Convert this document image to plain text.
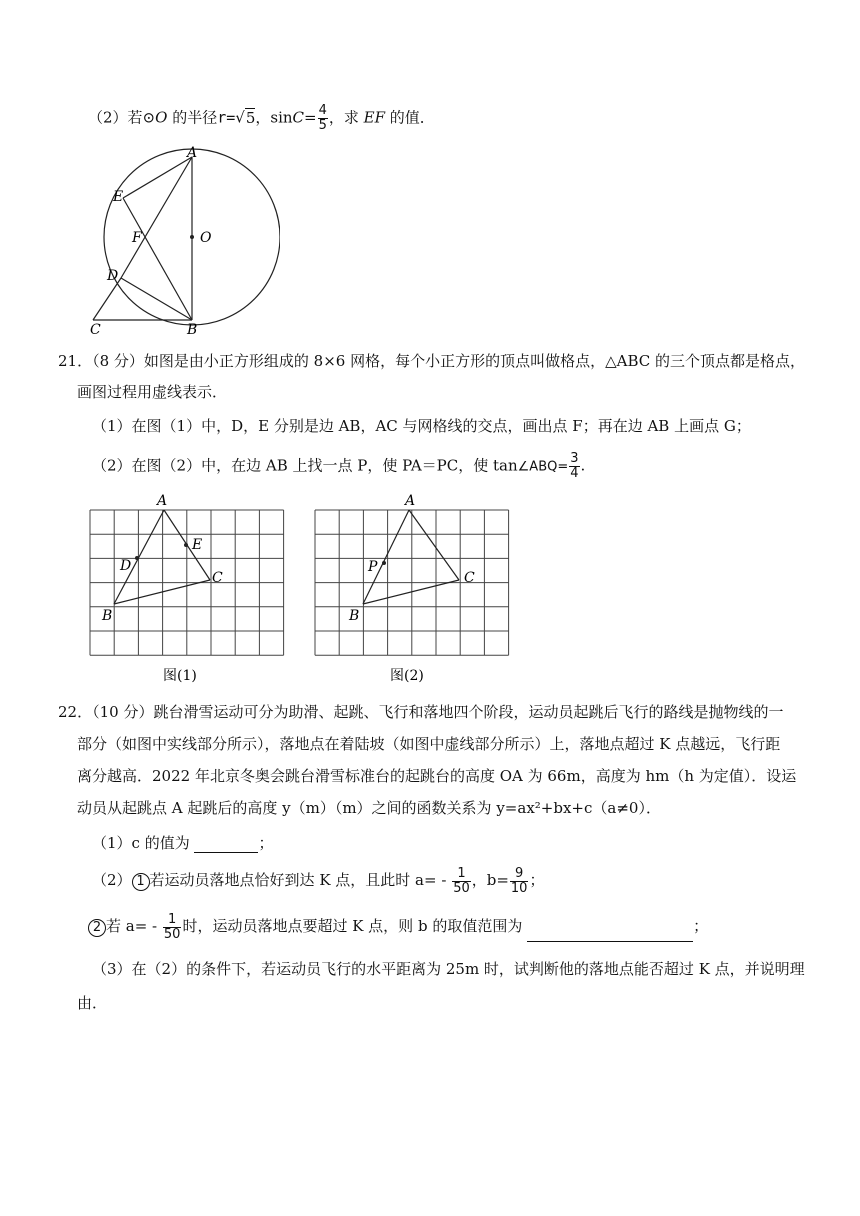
（2）若⊙O 的半径r=√5，$\sin C= \frac{4}{5}$ ，求 EF 的值．
A
E
F	O
D
C	B
21．（8 分）如图是由小正方形组成的 8×6 网格，每个小正方形的顶点叫做格点，△ABC 的三个顶点都是格点，
画图过程用虚线表示．
（1）在图（1）中，D，E 分别是边 AB，AC 与网格线的交点，画出点 F；再在边 AB 上画点 G；
（2）在图（2）中，在边 AB 上找一点 P，使 PA＝PC，使 tan∠ABQ= $\frac{3}{4}$ .
A
E
D
C
B
图(1)
A
P
C
B
图(2)
22．（10 分）跳台滑雪运动可分为助滑、起跳、飞行和落地四个阶段，运动员起跳后飞行的路线是抛物线的一
部分（如图中实线部分所示），落地点在着陆坡（如图中虚线部分所示）上，落地点超过 K 点越远，飞行距
离分越高．2022 年北京冬奥会跳台滑雪标准台的起跳台的高度 OA 为 66m，高度为 hm（h 为定值）．设运
动员从起跳点 A 起跳后的高度 y（m）（m）之间的函数关系为 y=ax²+bx+c（a≠0）．
（1）c 的值为	；
（2） 1 若运动员落地点恰好到达 K 点，且此时 $a= - \frac{1}{50}$ ，$b= \frac{9}{10}$ ；
2 若 $a= - \frac{1}{50}$ 时，运动员落地点要超过 K 点，则 b 的取值范围为	；
（3）在（2）的条件下，若运动员飞行的水平距离为 25m 时，试判断他的落地点能否超过 K 点，并说明理
由．
